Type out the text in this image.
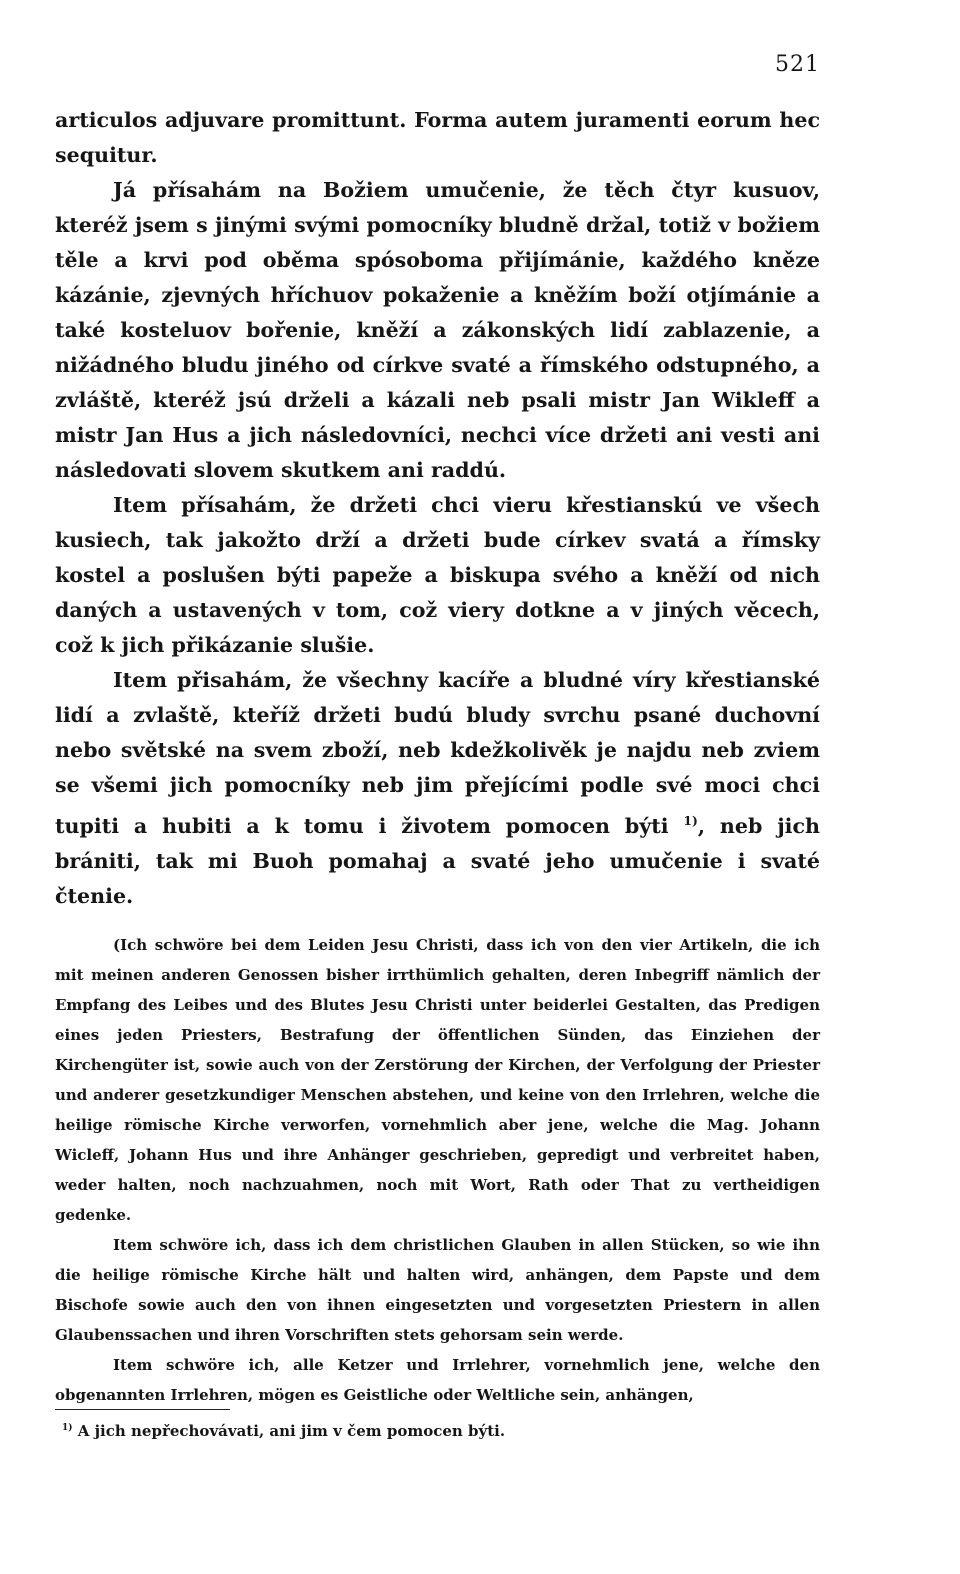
521

articulos adjuvare promittunt. Forma autem juramenti eorum hec sequitur.

Já přísahám na Božiem umučenie, že těch čtyr kusuov, kteréž jsem s jinými svými pomocníky bludně držal, totiž v božiem těle a krvi pod oběma spósoboma přijímánie, každého kněze kázánie, zjevných hříchuov pokaženie a kněžím boží otjímánie a také kosteluov bořenie, kněží a zákonských lidí zablazenie, a nižádného bludu jiného od církve svaté a římského odstupného, a zvláště, kteréž jsú drželi a kázali neb psali mistr Jan Wikleff a mistr Jan Hus a jich následovníci, nechci více držeti ani vesti ani následovati slovem skutkem ani raddú.

Item přísahám, že držeti chci vieru křestianskú ve všech kusiech, tak jakožto drží a držeti bude církev svatá a římsky kostel a poslušen býti papeže a biskupa svého a kněží od nich daných a ustavených v tom, což viery dotkne a v jiných věcech, což k jich přikázanie slušie.

Item přisahám, že všechny kacíře a bludné víry křestianské lidí a zvlaště, kteříž držeti budú bludy svrchu psané duchovní nebo světské na svem zboží, neb kdežkolivěk je najdu neb zviem se všemi jich pomocníky neb jim přejícími podle své moci chci tupiti a hubiti a k tomu i životem pomocen býti $^{1)}$, neb jich brániti, tak mi Buoh pomahaj a svaté jeho umučenie i svaté čtenie.

(Ich schwöre bei dem Leiden Jesu Christi, dass ich von den vier Artikeln, die ich mit meinen anderen Genossen bisher irrthümlich gehalten, deren Inbegriff nämlich der Empfang des Leibes und des Blutes Jesu Christi unter beiderlei Gestalten, das Predigen eines jeden Priesters, Bestrafung der öffentlichen Sünden, das Einziehen der Kirchengüter ist, sowie auch von der Zerstörung der Kirchen, der Verfolgung der Priester und anderer gesetzkundiger Menschen abstehen, und keine von den Irrlehren, welche die heilige römische Kirche verworfen, vornehmlich aber jene, welche die Mag. Johann Wicleff, Johann Hus und ihre Anhänger geschrieben, gepredigt und verbreitet haben, weder halten, noch nachzuahmen, noch mit Wort, Rath oder That zu vertheidigen gedenke.

Item schwöre ich, dass ich dem christlichen Glauben in allen Stücken, so wie ihn die heilige römische Kirche hält und halten wird, anhängen, dem Papste und dem Bischofe sowie auch den von ihnen eingesetzten und vorgesetzten Priestern in allen Glaubenssachen und ihren Vorschriften stets gehorsam sein werde.

Item schwöre ich, alle Ketzer und Irrlehrer, vornehmlich jene, welche den obgenannten Irrlehren, mögen es Geistliche oder Weltliche sein, anhängen,

$^{1)}$ A jich nepřechovávati, ani jim v čem pomocen býti.
